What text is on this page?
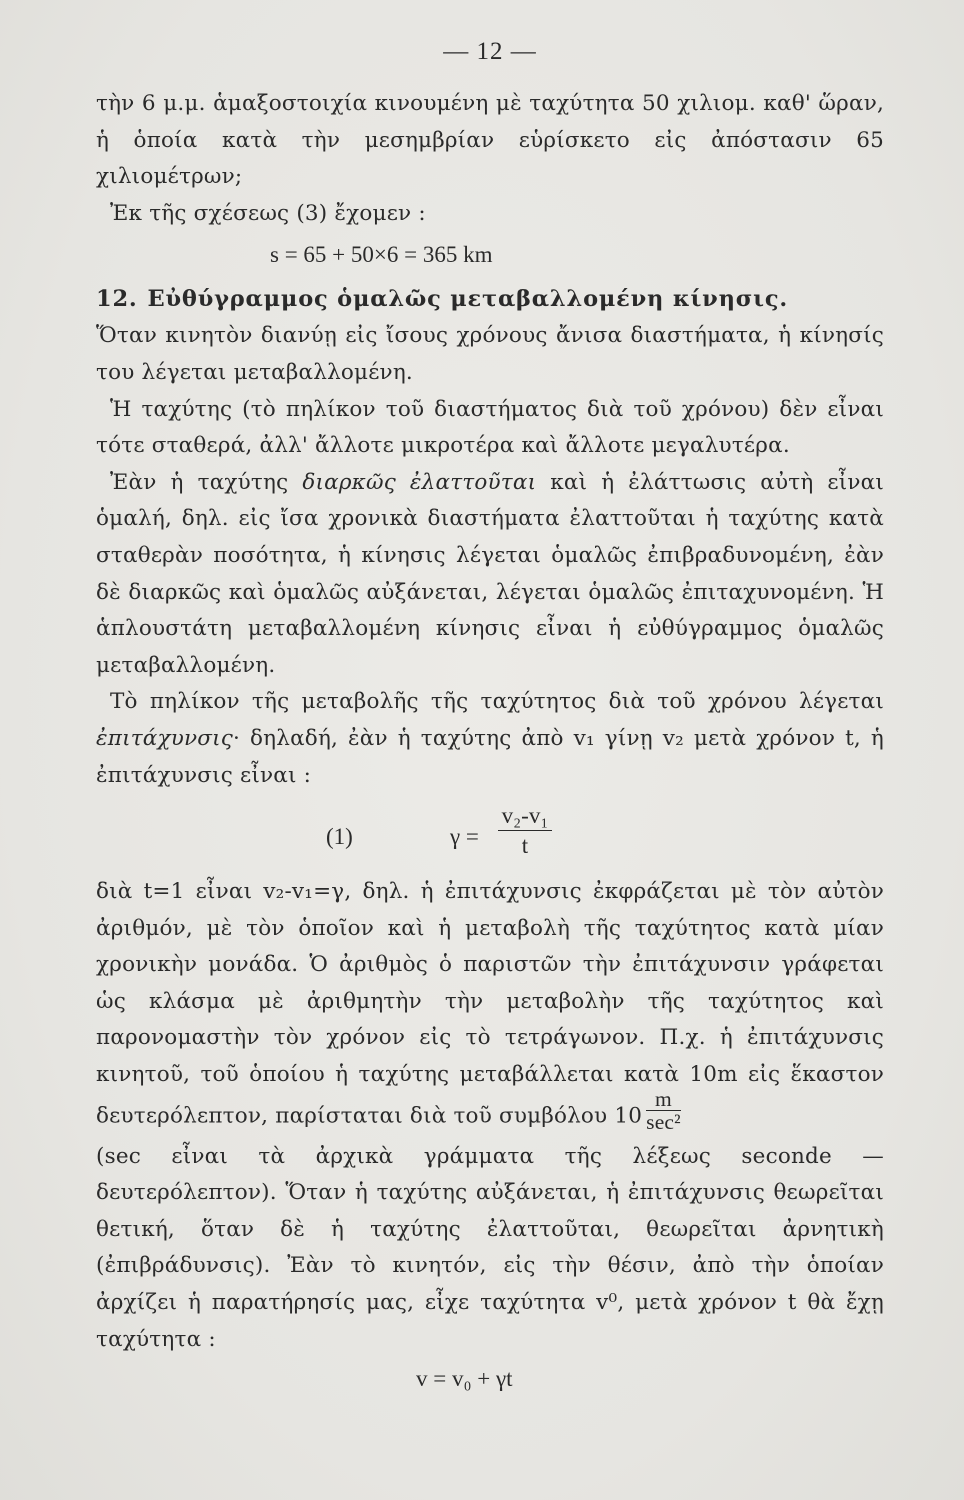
— 12 —

τὴν 6 μ.μ. ἁμαξοστοιχία κινουμένη μὲ ταχύτητα 50 χιλιομ. καθ' ὥραν, ἡ ὁποία κατὰ τὴν μεσημβρίαν εὑρίσκετο εἰς ἀπόστασιν 65 χιλιομέτρων;

Ἐκ τῆς σχέσεως (3) ἔχομεν :

s = 65 + 50×6 = 365 km
12. Εὐθύγραμμος ὁμαλῶς μεταβαλλομένη κίνησις.

Ὅταν κινητὸν διανύῃ εἰς ἴσους χρόνους ἄνισα διαστήματα, ἡ κίνησίς του λέγεται μεταβαλλομένη.

Ἡ ταχύτης (τὸ πηλίκον τοῦ διαστήματος διὰ τοῦ χρόνου) δὲν εἶναι τότε σταθερά, ἀλλ' ἄλλοτε μικροτέρα καὶ ἄλλοτε μεγαλυτέρα.

Ἐὰν ἡ ταχύτης διαρκῶς ἐλαττοῦται καὶ ἡ ἐλάττωσις αὐτὴ εἶναι ὁμαλή, δηλ. εἰς ἴσα χρονικὰ διαστήματα ἐλαττοῦται ἡ ταχύτης κατὰ σταθερὰν ποσότητα, ἡ κίνησις λέγεται ὁμαλῶς ἐπιβραδυνομένη, ἐὰν δὲ διαρκῶς καὶ ὁμαλῶς αὐξάνεται, λέγεται ὁμαλῶς ἐπιταχυνομένη. Ἡ ἁπλουστάτη μεταβαλλομένη κίνησις εἶναι ἡ εὐθύγραμμος ὁμαλῶς μεταβαλλομένη.

Τὸ πηλίκον τῆς μεταβολῆς τῆς ταχύτητος διὰ τοῦ χρόνου λέγεται ἐπιτάχυνσις· δηλαδή, ἐὰν ἡ ταχύτης ἀπὸ v₁ γίνῃ v₂ μετὰ χρόνον t, ἡ ἐπιτάχυνσις εἶναι :

(1)	$\gamma = \frac{\text{v₂-v₁}}{t}$

διὰ t=1 εἶναι v₂-v₁=γ, δηλ. ἡ ἐπιτάχυνσις ἐκφράζεται μὲ τὸν αὐτὸν ἀριθμόν, μὲ τὸν ὁποῖον καὶ ἡ μεταβολὴ τῆς ταχύτητος κατὰ μίαν χρονικὴν μονάδα. Ὁ ἀριθμὸς ὁ παριστῶν τὴν ἐπιτάχυνσιν γράφεται ὡς κλάσμα μὲ ἀριθμητὴν τὴν μεταβολὴν τῆς ταχύτητος καὶ παρονομαστὴν τὸν χρόνον εἰς τὸ τετράγωνον. Π.χ. ἡ ἐπιτάχυνσις κινητοῦ, τοῦ ὁποίου ἡ ταχύτης μεταβάλλεται κατὰ 10m εἰς ἕκαστον δευτερόλεπτον, παρίσταται διὰ τοῦ συμβόλου $10 \frac{m}{\text{sec²}}$

(sec εἶναι τὰ ἀρχικὰ γράμματα τῆς λέξεως seconde — δευτερόλεπτον). Ὅταν ἡ ταχύτης αὐξάνεται, ἡ ἐπιτάχυνσις θεωρεῖται θετική, ὅταν δὲ ἡ ταχύτης ἐλαττοῦται, θεωρεῖται ἀρνητικὴ (ἐπιβράδυνσις). Ἐὰν τὸ κινητόν, εἰς τὴν θέσιν, ἀπὸ τὴν ὁποίαν ἀρχίζει ἡ παρατήρησίς μας, εἶχε ταχύτητα v⁰, μετὰ χρόνον t θὰ ἔχῃ ταχύτητα :

v = v₀ + γt
